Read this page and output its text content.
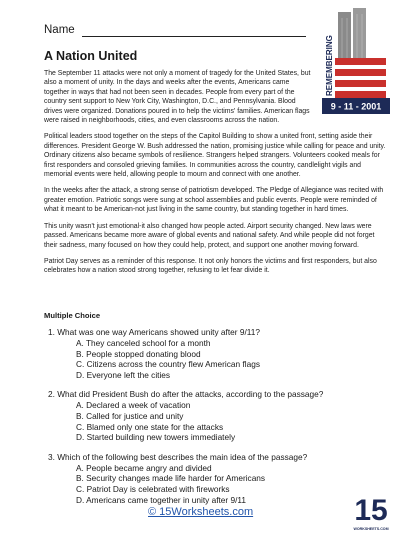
Name
A Nation United
9 - 11 - 2001
REMEMBERING

The September 11 attacks were not only a moment of tragedy for the United States, but also a moment of unity. In the days and weeks after the events, Americans came together in ways that had not been seen in decades. People from every part of the country sent support to New York City, Washington, D.C., and Pennsylvania. Blood drives were organized. Donations poured in to help the victims' families. American flags were raised in neighborhoods, cities, and even classrooms across the nation.

Political leaders stood together on the steps of the Capitol Building to show a united front, setting aside their differences. President George W. Bush addressed the nation, promising justice while calling for peace and unity. Ordinary citizens also became symbols of resilience. Strangers helped strangers. Volunteers cooked meals for first responders and consoled grieving families. In communities across the country, candlelight vigils and memorial events were held, allowing people to mourn and connect with one another.

In the weeks after the attack, a strong sense of patriotism developed. The Pledge of Allegiance was recited with greater emotion. Patriotic songs were sung at school assemblies and public events. People were reminded of what it meant to be American-not just living in the same country, but standing together in hard times.

This unity wasn't just emotional-it also changed how people acted. Airport security changed. New laws were passed. Americans became more aware of global events and national safety. And while people did not forget their sadness, many focused on how they could help, protect, and support one another moving forward.

Patriot Day serves as a reminder of this response. It not only honors the victims and first responders, but also celebrates how a nation stood strong together, refusing to let fear divide it.

Multiple Choice
1. What was one way Americans showed unity after 9/11?
A. They canceled school for a month
B. People stopped donating blood
C. Citizens across the country flew American flags
D. Everyone left the cities
2. What did President Bush do after the attacks, according to the passage?
A. Declared a week of vacation
B. Called for justice and unity
C. Blamed only one state for the attacks
D. Started building new towers immediately
3. Which of the following best describes the main idea of the passage?
A. People became angry and divided
B. Security changes made life harder for Americans
C. Patriot Day is celebrated with fireworks
D. Americans came together in unity after 9/11
© 15Worksheets.com	15
WORKSHEETS.COM
